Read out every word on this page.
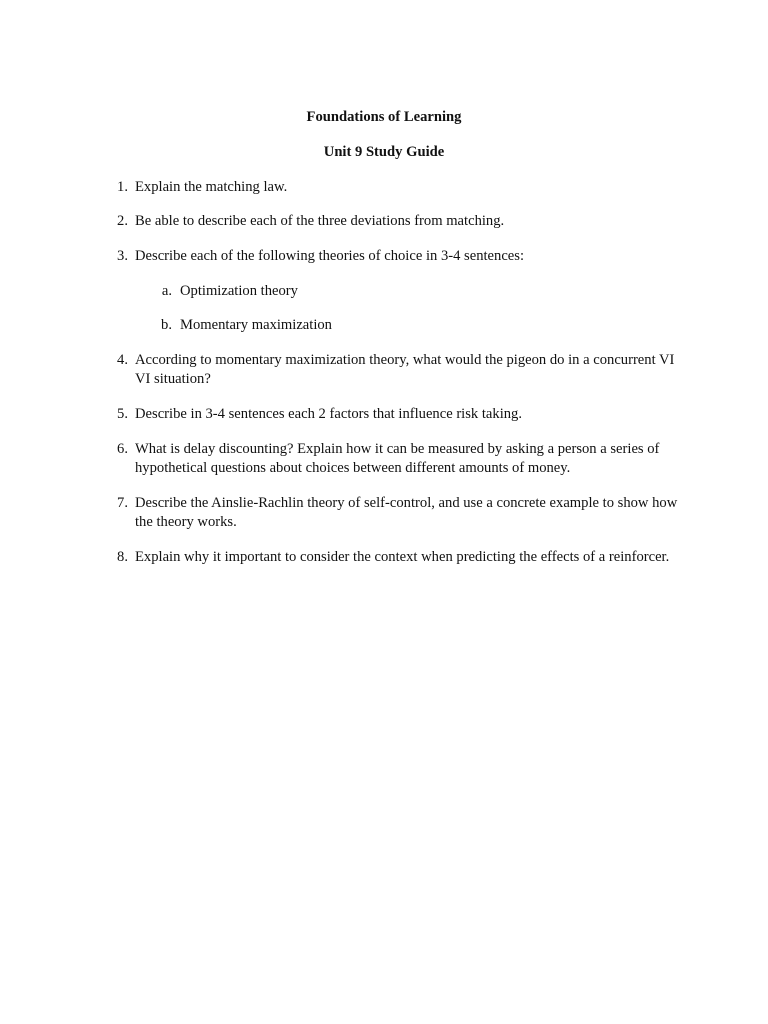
Foundations of Learning
Unit 9 Study Guide
1. Explain the matching law.
2. Be able to describe each of the three deviations from matching.
3. Describe each of the following theories of choice in 3-4 sentences:
a. Optimization theory
b. Momentary maximization
4. According to momentary maximization theory, what would the pigeon do in a concurrent VI VI situation?
5. Describe in 3-4 sentences each 2 factors that influence risk taking.
6. What is delay discounting? Explain how it can be measured by asking a person a series of hypothetical questions about choices between different amounts of money.
7. Describe the Ainslie-Rachlin theory of self-control, and use a concrete example to show how the theory works.
8. Explain why it important to consider the context when predicting the effects of a reinforcer.
